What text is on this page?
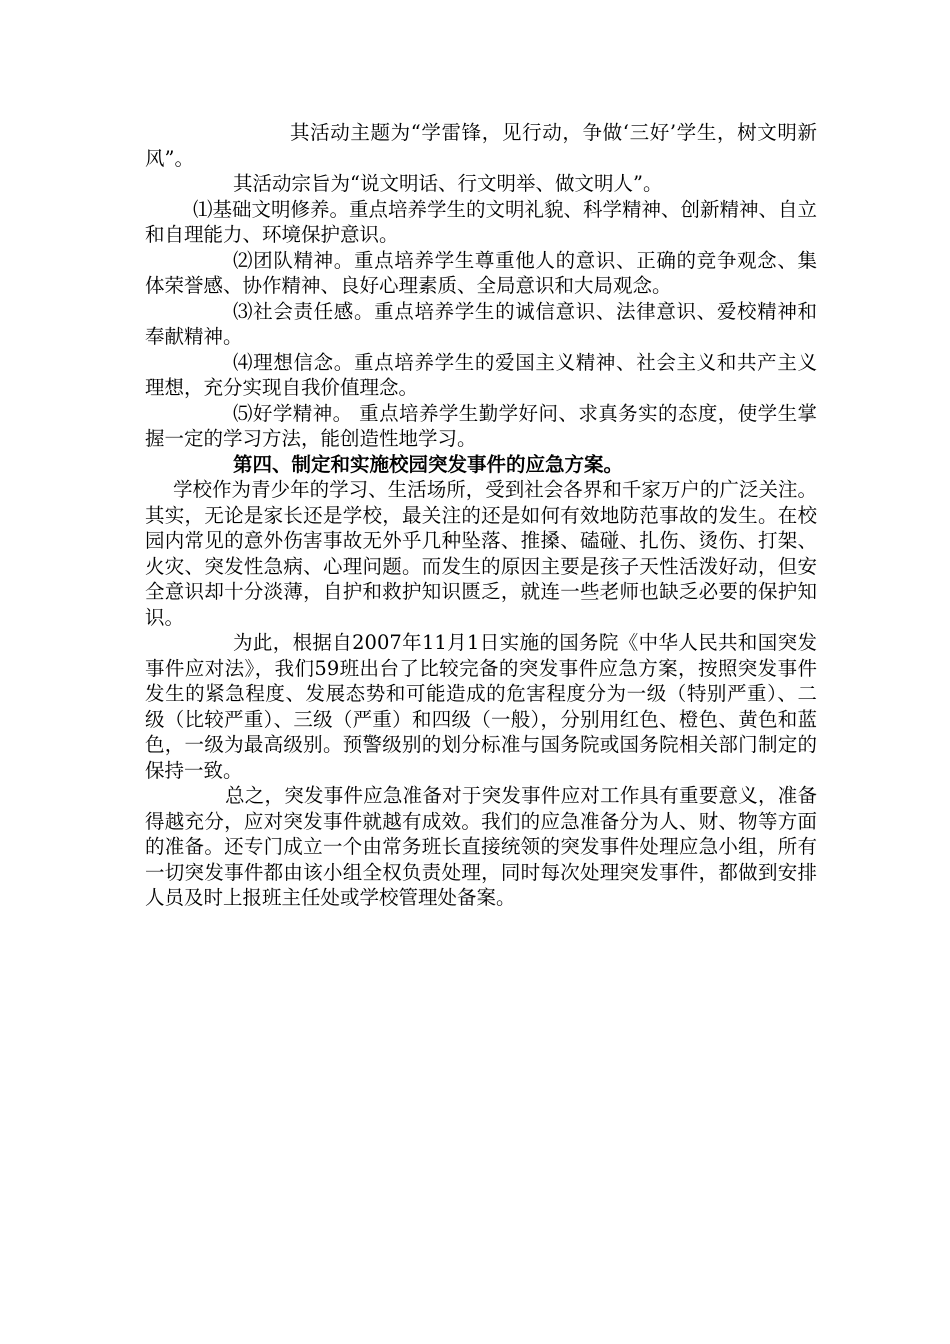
其活动主题为“学雷锋，见行动，争做‘三好’学生，树文明新风”。

其活动宗旨为“说文明话、行文明举、做文明人”。

⑴基础文明修养。重点培养学生的文明礼貌、科学精神、创新精神、自立和自理能力、环境保护意识。

⑵团队精神。重点培养学生尊重他人的意识、正确的竞争观念、集体荣誉感、协作精神、良好心理素质、全局意识和大局观念。

⑶社会责任感。重点培养学生的诚信意识、法律意识、爱校精神和奉献精神。

⑷理想信念。重点培养学生的爱国主义精神、社会主义和共产主义理想，充分实现自我价值理念。

⑸好学精神。 重点培养学生勤学好问、求真务实的态度，使学生掌握一定的学习方法，能创造性地学习。

第四、制定和实施校园突发事件的应急方案。

学校作为青少年的学习、生活场所，受到社会各界和千家万户的广泛关注。其实，无论是家长还是学校，最关注的还是如何有效地防范事故的发生。在校园内常见的意外伤害事故无外乎几种坠落、推搡、磕碰、扎伤、烫伤、打架、火灾、突发性急病、心理问题。而发生的原因主要是孩子天性活泼好动，但安全意识却十分淡薄，自护和救护知识匮乏，就连一些老师也缺乏必要的保护知识。

为此，根据自2007年11月1日实施的国务院《中华人民共和国突发事件应对法》，我们59班出台了比较完备的突发事件应急方案，按照突发事件发生的紧急程度、发展态势和可能造成的危害程度分为一级（特别严重）、二级（比较严重）、三级（严重）和四级（一般），分别用红色、橙色、黄色和蓝色，一级为最高级别。预警级别的划分标准与国务院或国务院相关部门制定的保持一致。

总之，突发事件应急准备对于突发事件应对工作具有重要意义，准备得越充分，应对突发事件就越有成效。我们的应急准备分为人、财、物等方面的准备。还专门成立一个由常务班长直接统领的突发事件处理应急小组，所有一切突发事件都由该小组全权负责处理，同时每次处理突发事件，都做到安排人员及时上报班主任处或学校管理处备案。
